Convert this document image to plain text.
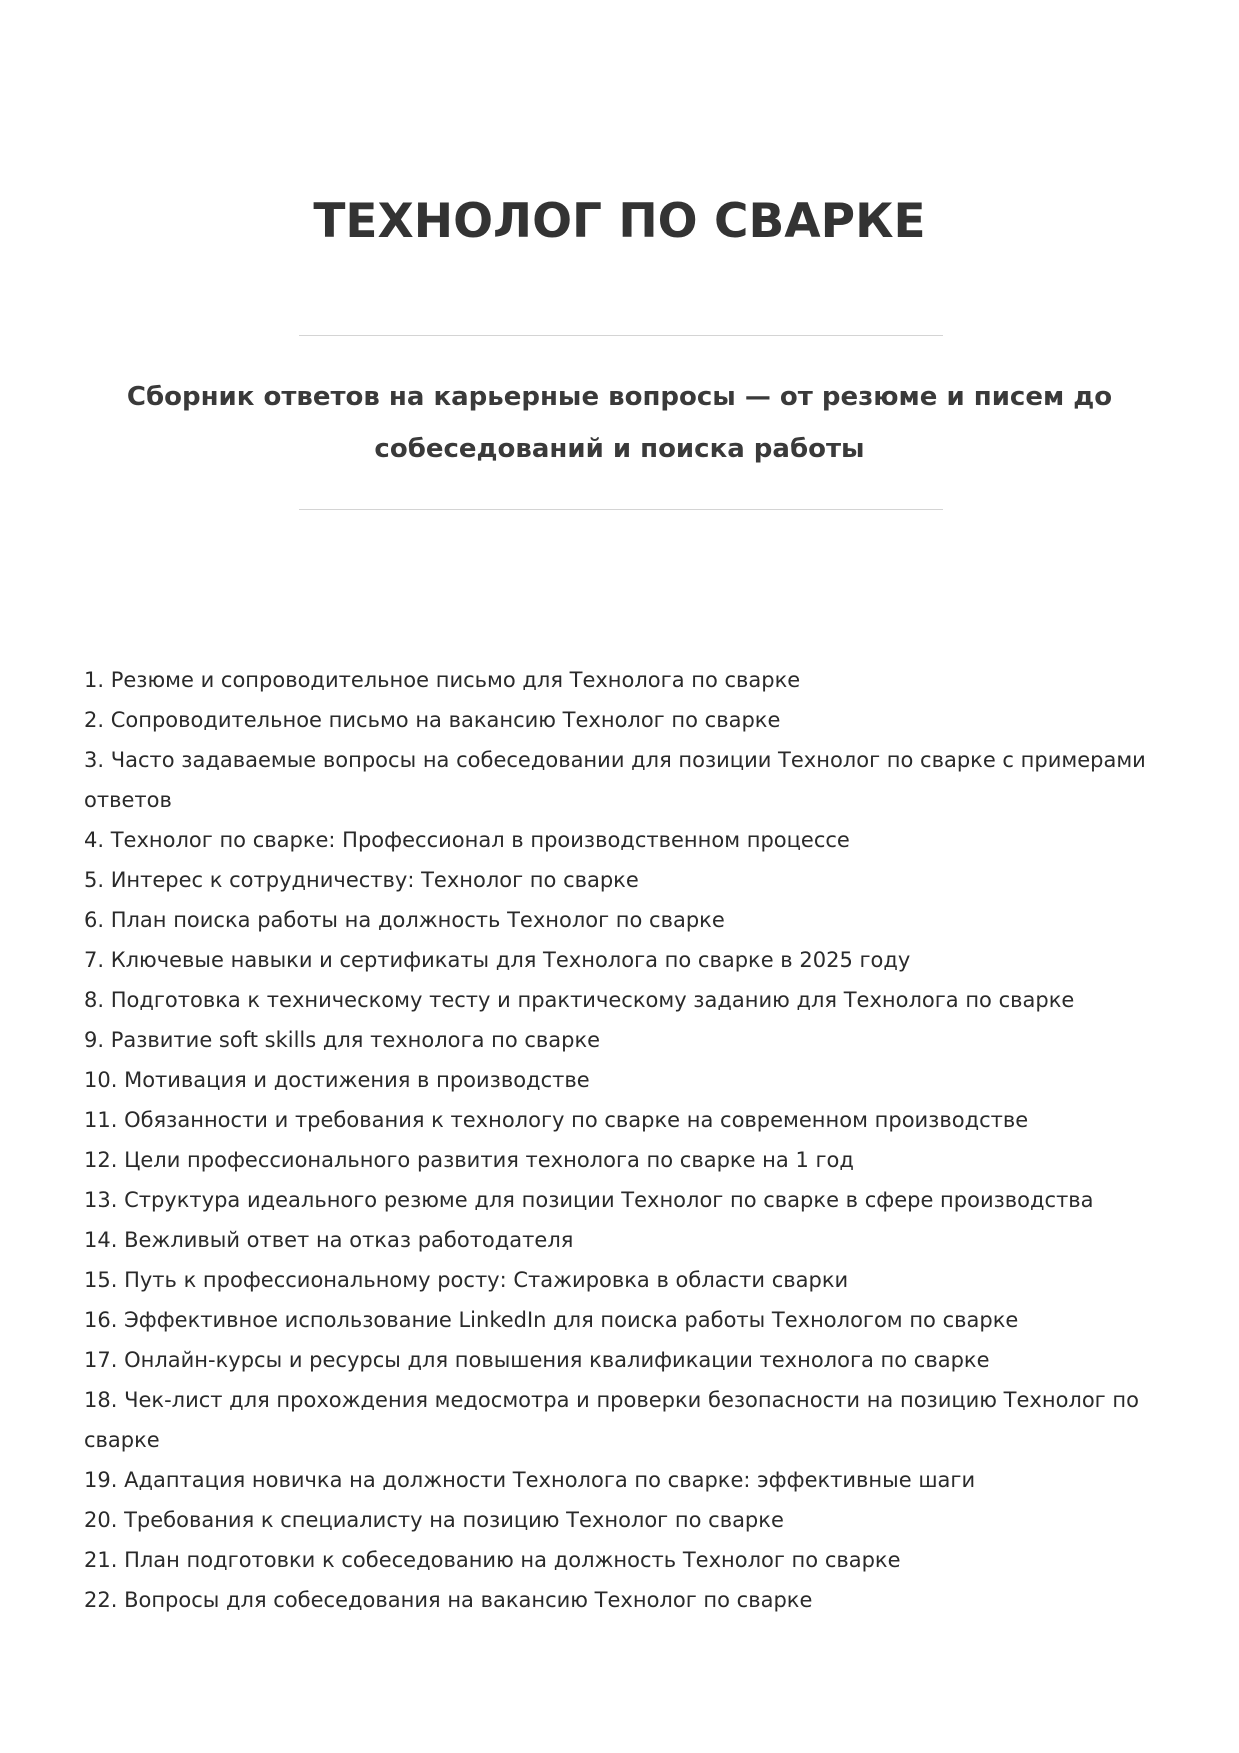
ТЕХНОЛОГ ПО СВАРКЕ

Сборник ответов на карьерные вопросы — от резюме и писем до собеседований и поиска работы

1. Резюме и сопроводительное письмо для Технолога по сварке
2. Сопроводительное письмо на вакансию Технолог по сварке
3. Часто задаваемые вопросы на собеседовании для позиции Технолог по сварке с примерами ответов
4. Технолог по сварке: Профессионал в производственном процессе
5. Интерес к сотрудничеству: Технолог по сварке
6. План поиска работы на должность Технолог по сварке
7. Ключевые навыки и сертификаты для Технолога по сварке в 2025 году
8. Подготовка к техническому тесту и практическому заданию для Технолога по сварке
9. Развитие soft skills для технолога по сварке
10. Мотивация и достижения в производстве
11. Обязанности и требования к технологу по сварке на современном производстве
12. Цели профессионального развития технолога по сварке на 1 год
13. Структура идеального резюме для позиции Технолог по сварке в сфере производства
14. Вежливый ответ на отказ работодателя
15. Путь к профессиональному росту: Стажировка в области сварки
16. Эффективное использование LinkedIn для поиска работы Технологом по сварке
17. Онлайн-курсы и ресурсы для повышения квалификации технолога по сварке
18. Чек-лист для прохождения медосмотра и проверки безопасности на позицию Технолог по сварке
19. Адаптация новичка на должности Технолога по сварке: эффективные шаги
20. Требования к специалисту на позицию Технолог по сварке
21. План подготовки к собеседованию на должность Технолог по сварке
22. Вопросы для собеседования на вакансию Технолог по сварке
